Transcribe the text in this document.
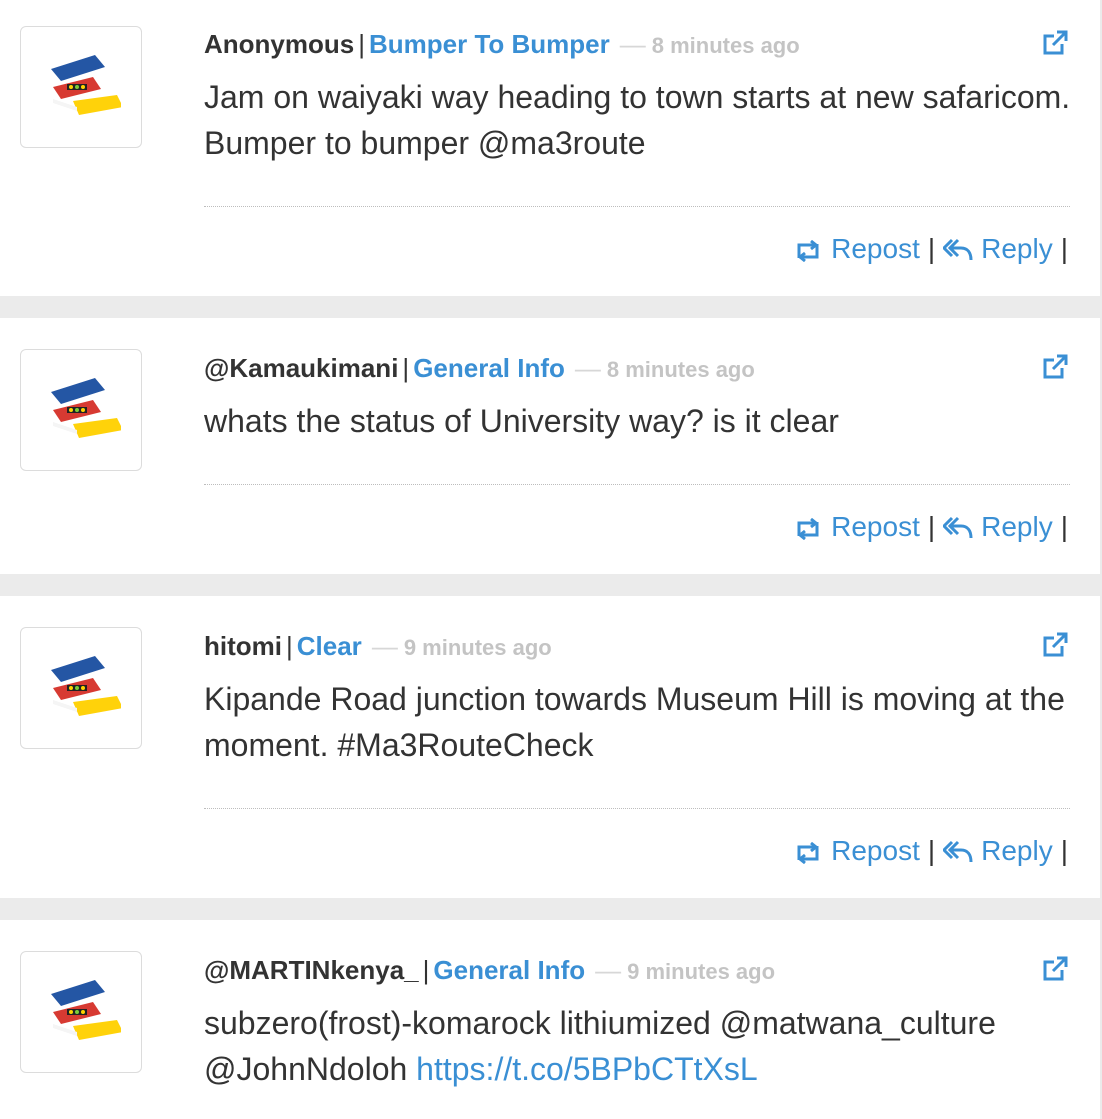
Anonymous | Bumper To Bumper — 8 minutes ago
Jam on waiyaki way heading to town starts at new safaricom. Bumper to bumper @ma3route
Repost | Reply |
@Kamaukimani | General Info — 8 minutes ago
whats the status of University way? is it clear
Repost | Reply |
hitomi | Clear — 9 minutes ago
Kipande Road junction towards Museum Hill is moving at the moment. #Ma3RouteCheck
Repost | Reply |
@MARTINkenya_ | General Info — 9 minutes ago
subzero(frost)-komarock lithiumized @matwana_culture @JohnNdoloh https://t.co/5BPbCTtXsL
